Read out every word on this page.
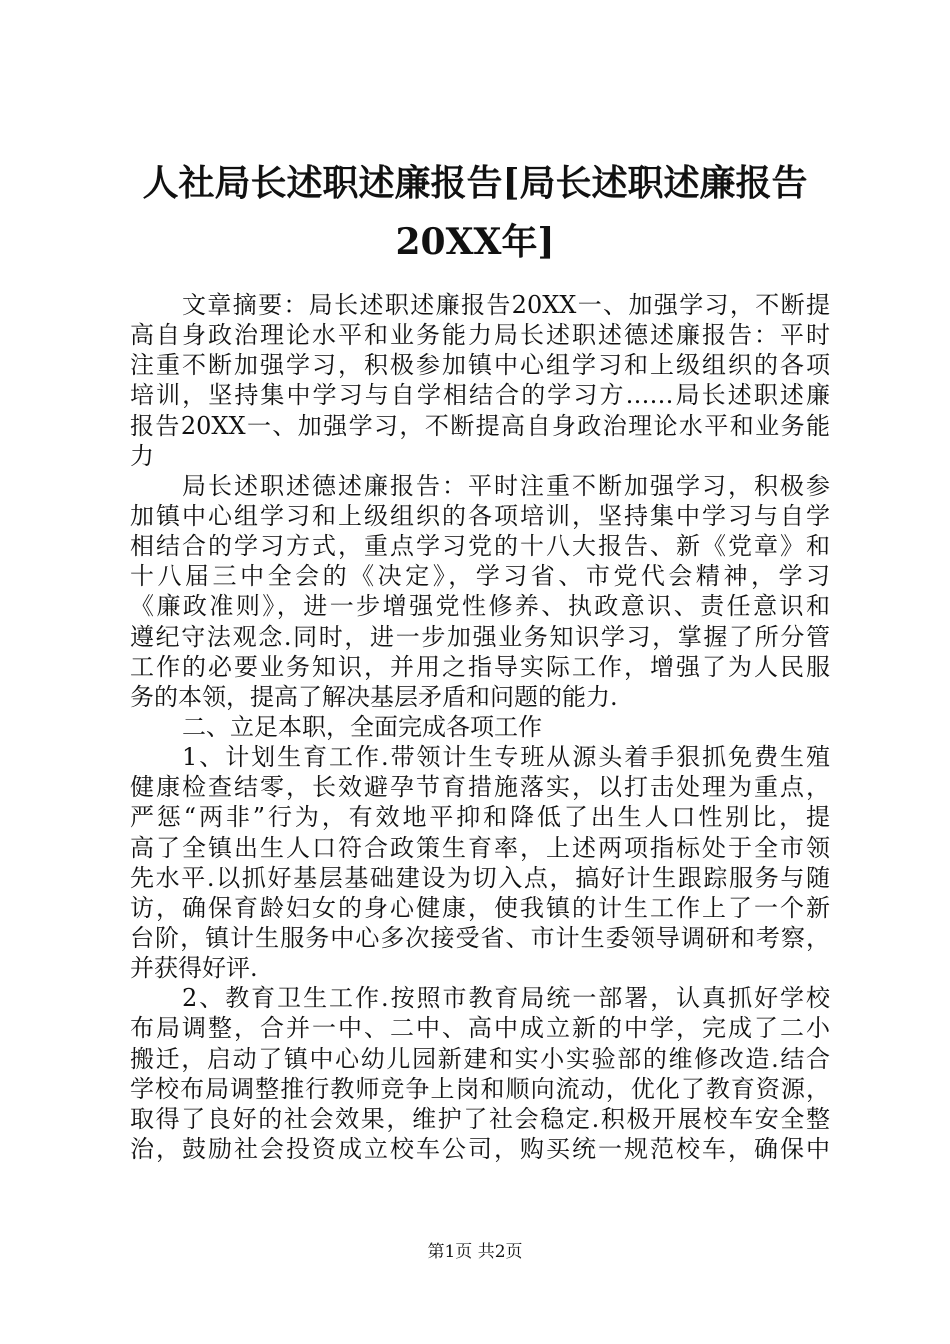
人社局长述职述廉报告[局长述职述廉报告
20XX年]
文章摘要：局长述职述廉报告20XX一、加强学习，不断提
高自身政治理论水平和业务能力局长述职述德述廉报告：平时
注重不断加强学习，积极参加镇中心组学习和上级组织的各项
培训，坚持集中学习与自学相结合的学习方……局长述职述廉
报告20XX一、加强学习，不断提高自身政治理论水平和业务能
力
局长述职述德述廉报告：平时注重不断加强学习，积极参
加镇中心组学习和上级组织的各项培训，坚持集中学习与自学
相结合的学习方式，重点学习党的十八大报告、新《党章》和
十八届三中全会的《决定》，学习省、市党代会精神，学习
《廉政准则》，进一步增强党性修养、执政意识、责任意识和
遵纪守法观念.同时，进一步加强业务知识学习，掌握了所分管
工作的必要业务知识，并用之指导实际工作，增强了为人民服
务的本领，提高了解决基层矛盾和问题的能力.
二、立足本职，全面完成各项工作
1、计划生育工作.带领计生专班从源头着手狠抓免费生殖
健康检查结零，长效避孕节育措施落实，以打击处理为重点，
严惩“两非”行为，有效地平抑和降低了出生人口性别比，提
高了全镇出生人口符合政策生育率，上述两项指标处于全市领
先水平.以抓好基层基础建设为切入点，搞好计生跟踪服务与随
访，确保育龄妇女的身心健康，使我镇的计生工作上了一个新
台阶，镇计生服务中心多次接受省、市计生委领导调研和考察，
并获得好评.
2、教育卫生工作.按照市教育局统一部署，认真抓好学校
布局调整，合并一中、二中、高中成立新的中学，完成了二小
搬迁，启动了镇中心幼儿园新建和实小实验部的维修改造.结合
学校布局调整推行教师竞争上岗和顺向流动，优化了教育资源，
取得了良好的社会效果，维护了社会稳定.积极开展校车安全整
治，鼓励社会投资成立校车公司，购买统一规范校车，确保中
第1页 共2页
